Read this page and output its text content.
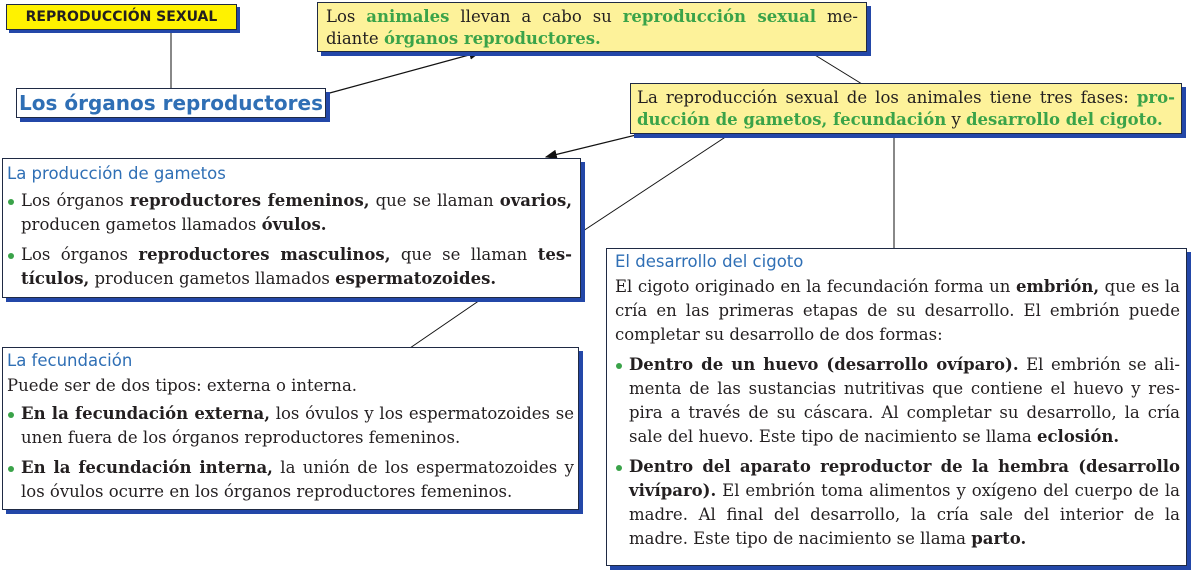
REPRODUCCIÓN SEXUAL
Los órganos reproductores
Los animales llevan a cabo su reproducción sexual mediante órganos reproductores.
La reproducción sexual de los animales tiene tres fases: producción de gametos, fecundación y desarrollo del cigoto.
La producción de gametos
Los órganos reproductores femeninos, que se llaman ovarios, producen gametos llamados óvulos.
Los órganos reproductores masculinos, que se llaman testículos, producen gametos llamados espermatozoides.
La fecundación
Puede ser de dos tipos: externa o interna.
En la fecundación externa, los óvulos y los espermatozoides se unen fuera de los órganos reproductores femeninos.
En la fecundación interna, la unión de los espermatozoides y los óvulos ocurre en los órganos reproductores femeninos.
El desarrollo del cigoto
El cigoto originado en la fecundación forma un embrión, que es la cría en las primeras etapas de su desarrollo. El embrión puede completar su desarrollo de dos formas:
Dentro de un huevo (desarrollo ovíparo). El embrión se alimenta de las sustancias nutritivas que contiene el huevo y respira a través de su cáscara. Al completar su desarrollo, la cría sale del huevo. Este tipo de nacimiento se llama eclosión.
Dentro del aparato reproductor de la hembra (desarrollo vivíparo). El embrión toma alimentos y oxígeno del cuerpo de la madre. Al final del desarrollo, la cría sale del interior de la madre. Este tipo de nacimiento se llama parto.
